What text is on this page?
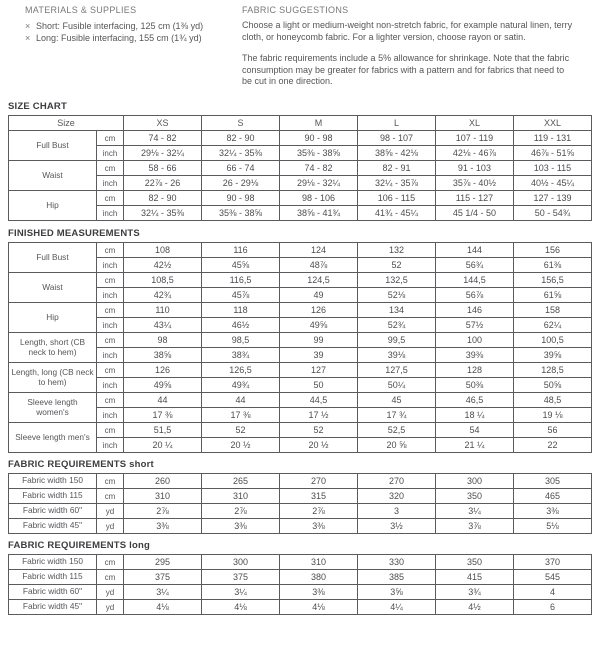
MATERIALS & SUPPLIES
× Short: Fusible interfacing, 125 cm (1⅜ yd)
× Long: Fusible interfacing, 155 cm (1¾ yd)
FABRIC SUGGESTIONS

Choose a light or medium-weight non-stretch fabric, for example natural linen, terry cloth, or honeycomb fabric. For a lighter version, choose rayon or satin.

The fabric requirements include a 5% allowance for shrinkage. Note that the fabric consumption may be greater for fabrics with a pattern and for fabrics that need to be cut in one direction.

SIZE CHART
Size		XS	S	M	L	XL	XXL
Full Bust	cm	74 - 82	82 - 90	90 - 98	98 - 107	107 - 119	119 - 131
	inch	29⅛ - 32¼	32¼ - 35⅜	35⅜ - 38⅝	38⅝ - 42⅛	42⅛ - 46⅞	46⅞ - 51⅝
Waist	cm	58 - 66	66 - 74	74 - 82	82 - 91	91 - 103	103 - 115
	inch	22⅞ - 26	26 - 29⅛	29⅛ - 32¼	32¼ - 35⅞	35⅞ - 40½	40½ - 45¼
Hip	cm	82 - 90	90 - 98	98 - 106	106 - 115	115 - 127	127 - 139
	inch	32¼ - 35⅜	35⅜ - 38⅝	38⅝ - 41¾	41¾ - 45¼	45 1/4 - 50	50 - 54¾
FINISHED MEASUREMENTS
Full Bust	cm	108	116	124	132	144	156
	inch	42½	45⅝	48⅞	52	56¾	61⅜
Waist	cm	108,5	116,5	124,5	132,5	144,5	156,5
	inch	42¾	45⅞	49	52⅛	56⅞	61⅝
Hip	cm	110	118	126	134	146	158
	inch	43¼	46½	49⅝	52¾	57½	62¼
Length, short (CB neck to hem)	cm	98	98,5	99	99,5	100	100,5
	inch	38⅝	38¾	39	39⅛	39⅜	39⅝
Length, long (CB neck to hem)	cm	126	126,5	127	127,5	128	128,5
	inch	49⅝	49¾	50	50¼	50⅜	50⅝
Sleeve length women's	cm	44	44	44,5	45	46,5	48,5
	inch	17 ⅜	17 ⅜	17 ½	17 ¾	18 ¼	19 ⅛
Sleeve length men's	cm	51,5	52	52	52,5	54	56
	inch	20 ¼	20 ½	20 ½	20 ⅝	21 ¼	22
FABRIC REQUIREMENTS short
Fabric width 150	cm	260	265	270	270	300	305
Fabric width 115	cm	310	310	315	320	350	465
Fabric width 60"	yd	2⅞	2⅞	2⅞	3	3¼	3⅜
Fabric width 45"	yd	3⅜	3⅜	3⅜	3½	3⅞	5⅛
FABRIC REQUIREMENTS long
Fabric width 150	cm	295	300	310	330	350	370
Fabric width 115	cm	375	375	380	385	415	545
Fabric width 60"	yd	3¼	3¼	3⅜	3⅝	3¾	4
Fabric width 45"	yd	4⅛	4⅛	4⅛	4¼	4½	6
